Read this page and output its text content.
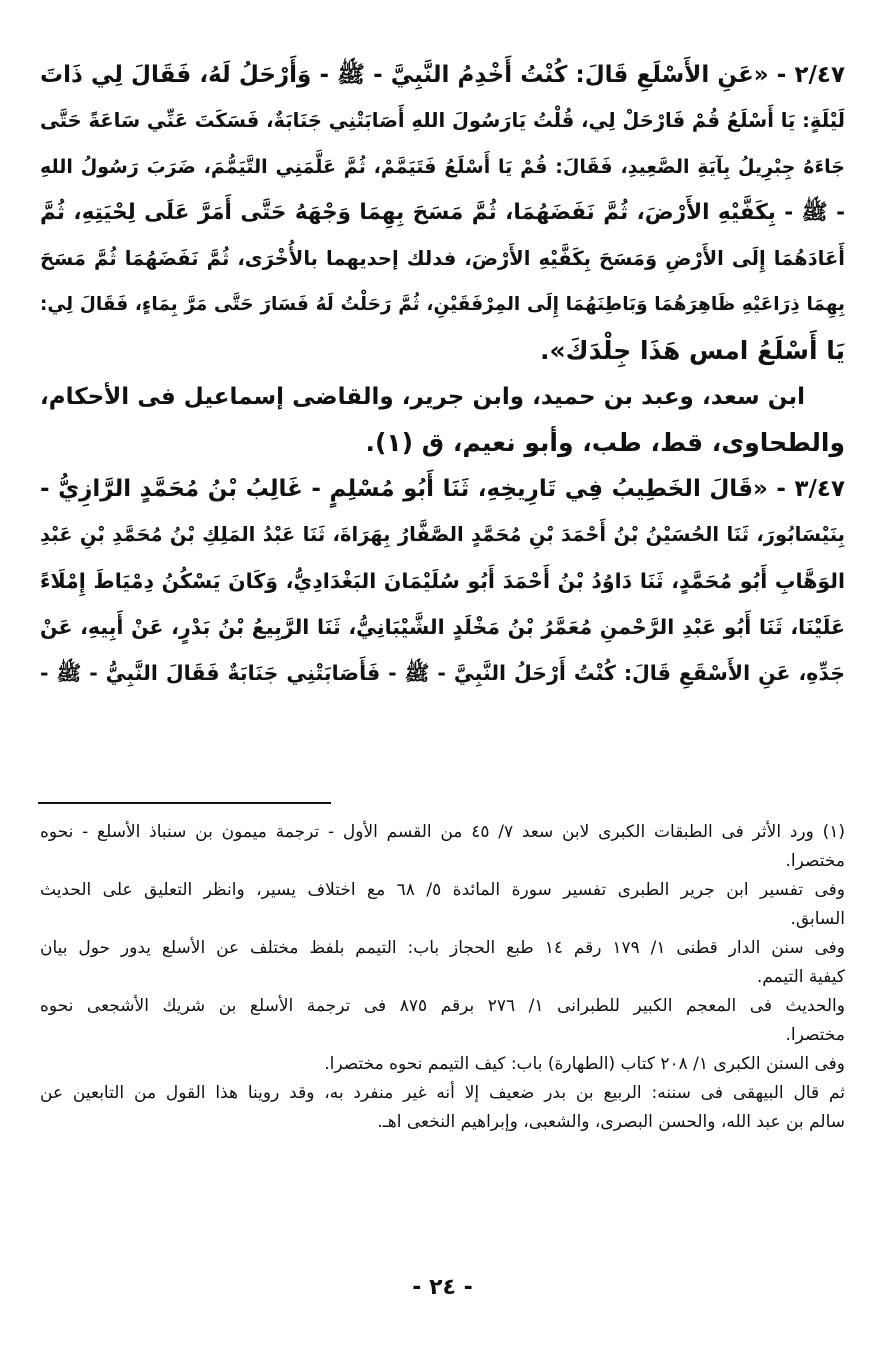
٢/٤٧ - «عَنِ الأَسْلَعِ قَالَ: كُنْتُ أَخْدِمُ النَّبِيَّ - ﷺ - وَأَرْحَلُ لَهُ، فَقَالَ لِي ذَاتَ
لَيْلَةٍ: يَا أَسْلَعُ قُمْ فَارْحَلْ لِي، قُلْتُ يَارَسُولَ اللهِ أَصَابَتْنِي جَنَابَةٌ، فَسَكَتَ عَنِّي سَاعَةً حَتَّى
جَاءَهُ جِبْرِيلُ بِآيَةِ الصَّعِيدِ، فَقَالَ: قُمْ يَا أَسْلَعُ فَتَيَمَّمْ، ثُمَّ عَلَّمَنِي التَّيَمُّمَ، ضَرَبَ رَسُولُ اللهِ
- ﷺ - بِكَفَّيْهِ الأَرْضَ، ثُمَّ نَفَضَهُمَا، ثُمَّ مَسَحَ بِهِمَا وَجْهَهُ حَتَّى أَمَرَّ عَلَى لِحْيَتِهِ، ثُمَّ
أَعَادَهُمَا إِلَى الأَرْضِ وَمَسَحَ بِكَفَّيْهِ الأَرْضَ، فدلك إحديهما بالأُخْرَى، ثُمَّ نَفَضَهُمَا ثُمَّ مَسَحَ
بِهِمَا ذِرَاعَيْهِ ظَاهِرَهُمَا وَبَاطِنَهُمَا إِلَى المِرْفَقَيْنِ، ثُمَّ رَحَلْتُ لَهُ فَسَارَ حَتَّى مَرَّ بِمَاءٍ، فَقَالَ لِي:
يَا أَسْلَعُ امس هَذَا جِلْدَكَ».
ابن سعد، وعبد بن حميد، وابن جرير، والقاضى إسماعيل فى الأحكام،
والطحاوى، قط، طب، وأبو نعيم، ق (١).
٣/٤٧ - «قَالَ الخَطِيبُ فِي تَارِيخِهِ، ثَنَا أَبُو مُسْلِمٍ - غَالِبُ بْنُ مُحَمَّدٍ الرَّازِيُّ -
بِنَيْسَابُورَ، ثَنَا الحُسَيْنُ بْنُ أَحْمَدَ بْنِ مُحَمَّدٍ الصَّفَّارُ بِهَرَاةَ، ثَنَا عَبْدُ المَلِكِ بْنُ مُحَمَّدِ بْنِ عَبْدِ
الوَهَّابِ أَبُو مُحَمَّدٍ، ثَنَا دَاوُدُ بْنُ أَحْمَدَ أَبُو سُلَيْمَانَ البَغْدَادِيُّ، وَكَانَ يَسْكُنُ دِمْيَاطَ إِمْلَاءً
عَلَيْنَا، ثَنَا أَبُو عَبْدِ الرَّحْمنِ مُعَمَّرُ بْنُ مَخْلَدٍ الشَّيْبَانِيُّ، ثَنَا الرَّبِيعُ بْنُ بَدْرٍ، عَنْ أَبِيهِ، عَنْ
جَدِّهِ، عَنِ الأَسْقَعِ قَالَ: كُنْتُ أَرْحَلُ النَّبِيَّ - ﷺ - فَأَصَابَتْنِي جَنَابَةٌ فَقَالَ النَّبِيُّ - ﷺ -
(١) ورد الأثر فى الطبقات الكبرى لابن سعد ٧/ ٤٥ من القسم الأول - ترجمة ميمون بن سنباذ الأسلع - نحوه
مختصرا.
وفى تفسير ابن جرير الطبرى تفسير سورة المائدة ٥/ ٦٨ مع اختلاف يسير، وانظر التعليق على الحديث
السابق.
وفى سنن الدار قطنى ١/ ١٧٩ رقم ١٤ طبع الحجاز باب: التيمم بلفظ مختلف عن الأسلع يدور حول بيان
كيفية التيمم.
والحديث فى المعجم الكبير للطبرانى ١/ ٢٧٦ برقم ٨٧٥ فى ترجمة الأسلع بن شريك الأشجعى نحوه
مختصرا.
وفى السنن الكبرى ١/ ٢٠٨ كتاب (الطهارة) باب: كيف التيمم نحوه مختصرا.
ثم قال البيهقى فى سننه: الربيع بن بدر ضعيف إلا أنه غير منفرد به، وقد روينا هذا القول من التابعين عن
سالم بن عبد الله، والحسن البصرى، والشعبى، وإبراهيم النخعى اهـ.
- ٢٤ -
